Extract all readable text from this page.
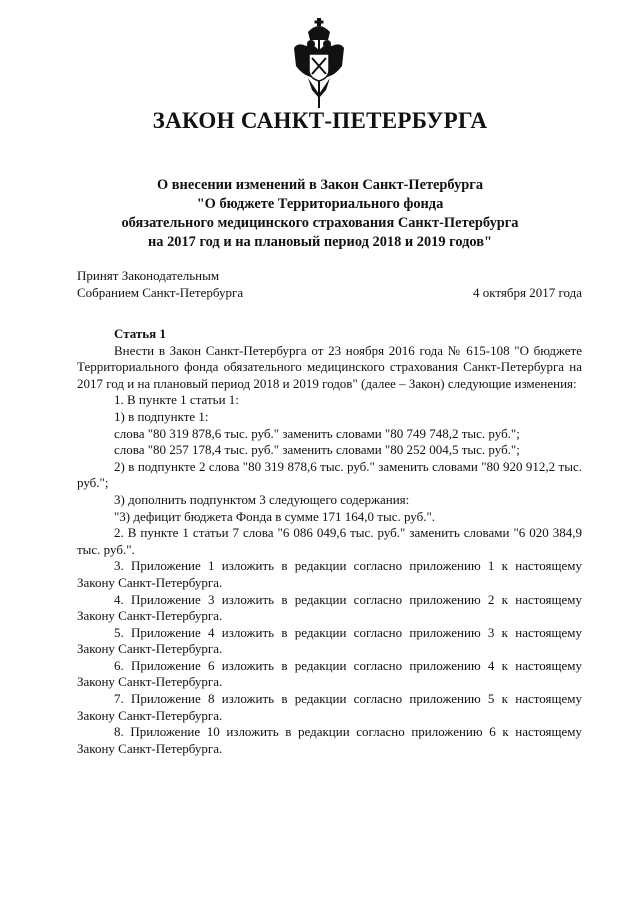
ЗАКОН САНКТ-ПЕТЕРБУРГА
О внесении изменений в Закон Санкт-Петербурга
"О бюджете Территориального фонда
обязательного медицинского страхования Санкт-Петербурга
на 2017 год и на плановый период 2018 и 2019 годов"
Принят Законодательным
Собранием Санкт-Петербурга	4 октября 2017 года

Статья 1

Внести в Закон Санкт-Петербурга от 23 ноября 2016 года № 615-108 "О бюджете Территориального фонда обязательного медицинского страхования Санкт-Петербурга на 2017 год и на плановый период 2018 и 2019 годов" (далее – Закон) следующие изменения:

1. В пункте 1 статьи 1:

1) в подпункте 1:

слова "80 319 878,6 тыс. руб." заменить словами "80 749 748,2 тыс. руб.";

слова "80 257 178,4 тыс. руб." заменить словами "80 252 004,5 тыс. руб.";

2) в подпункте 2 слова "80 319 878,6 тыс. руб." заменить словами "80 920 912,2 тыс. руб.";

3) дополнить подпунктом 3 следующего содержания:

"3) дефицит бюджета Фонда в сумме 171 164,0 тыс. руб.".

2. В пункте 1 статьи 7 слова "6 086 049,6 тыс. руб." заменить словами "6 020 384,9 тыс. руб.".

3. Приложение 1 изложить в редакции согласно приложению 1 к настоящему Закону Санкт-Петербурга.

4. Приложение 3 изложить в редакции согласно приложению 2 к настоящему Закону Санкт-Петербурга.

5. Приложение 4 изложить в редакции согласно приложению 3 к настоящему Закону Санкт-Петербурга.

6. Приложение 6 изложить в редакции согласно приложению 4 к настоящему Закону Санкт-Петербурга.

7. Приложение 8 изложить в редакции согласно приложению 5 к настоящему Закону Санкт-Петербурга.

8. Приложение 10 изложить в редакции согласно приложению 6 к настоящему Закону Санкт-Петербурга.
